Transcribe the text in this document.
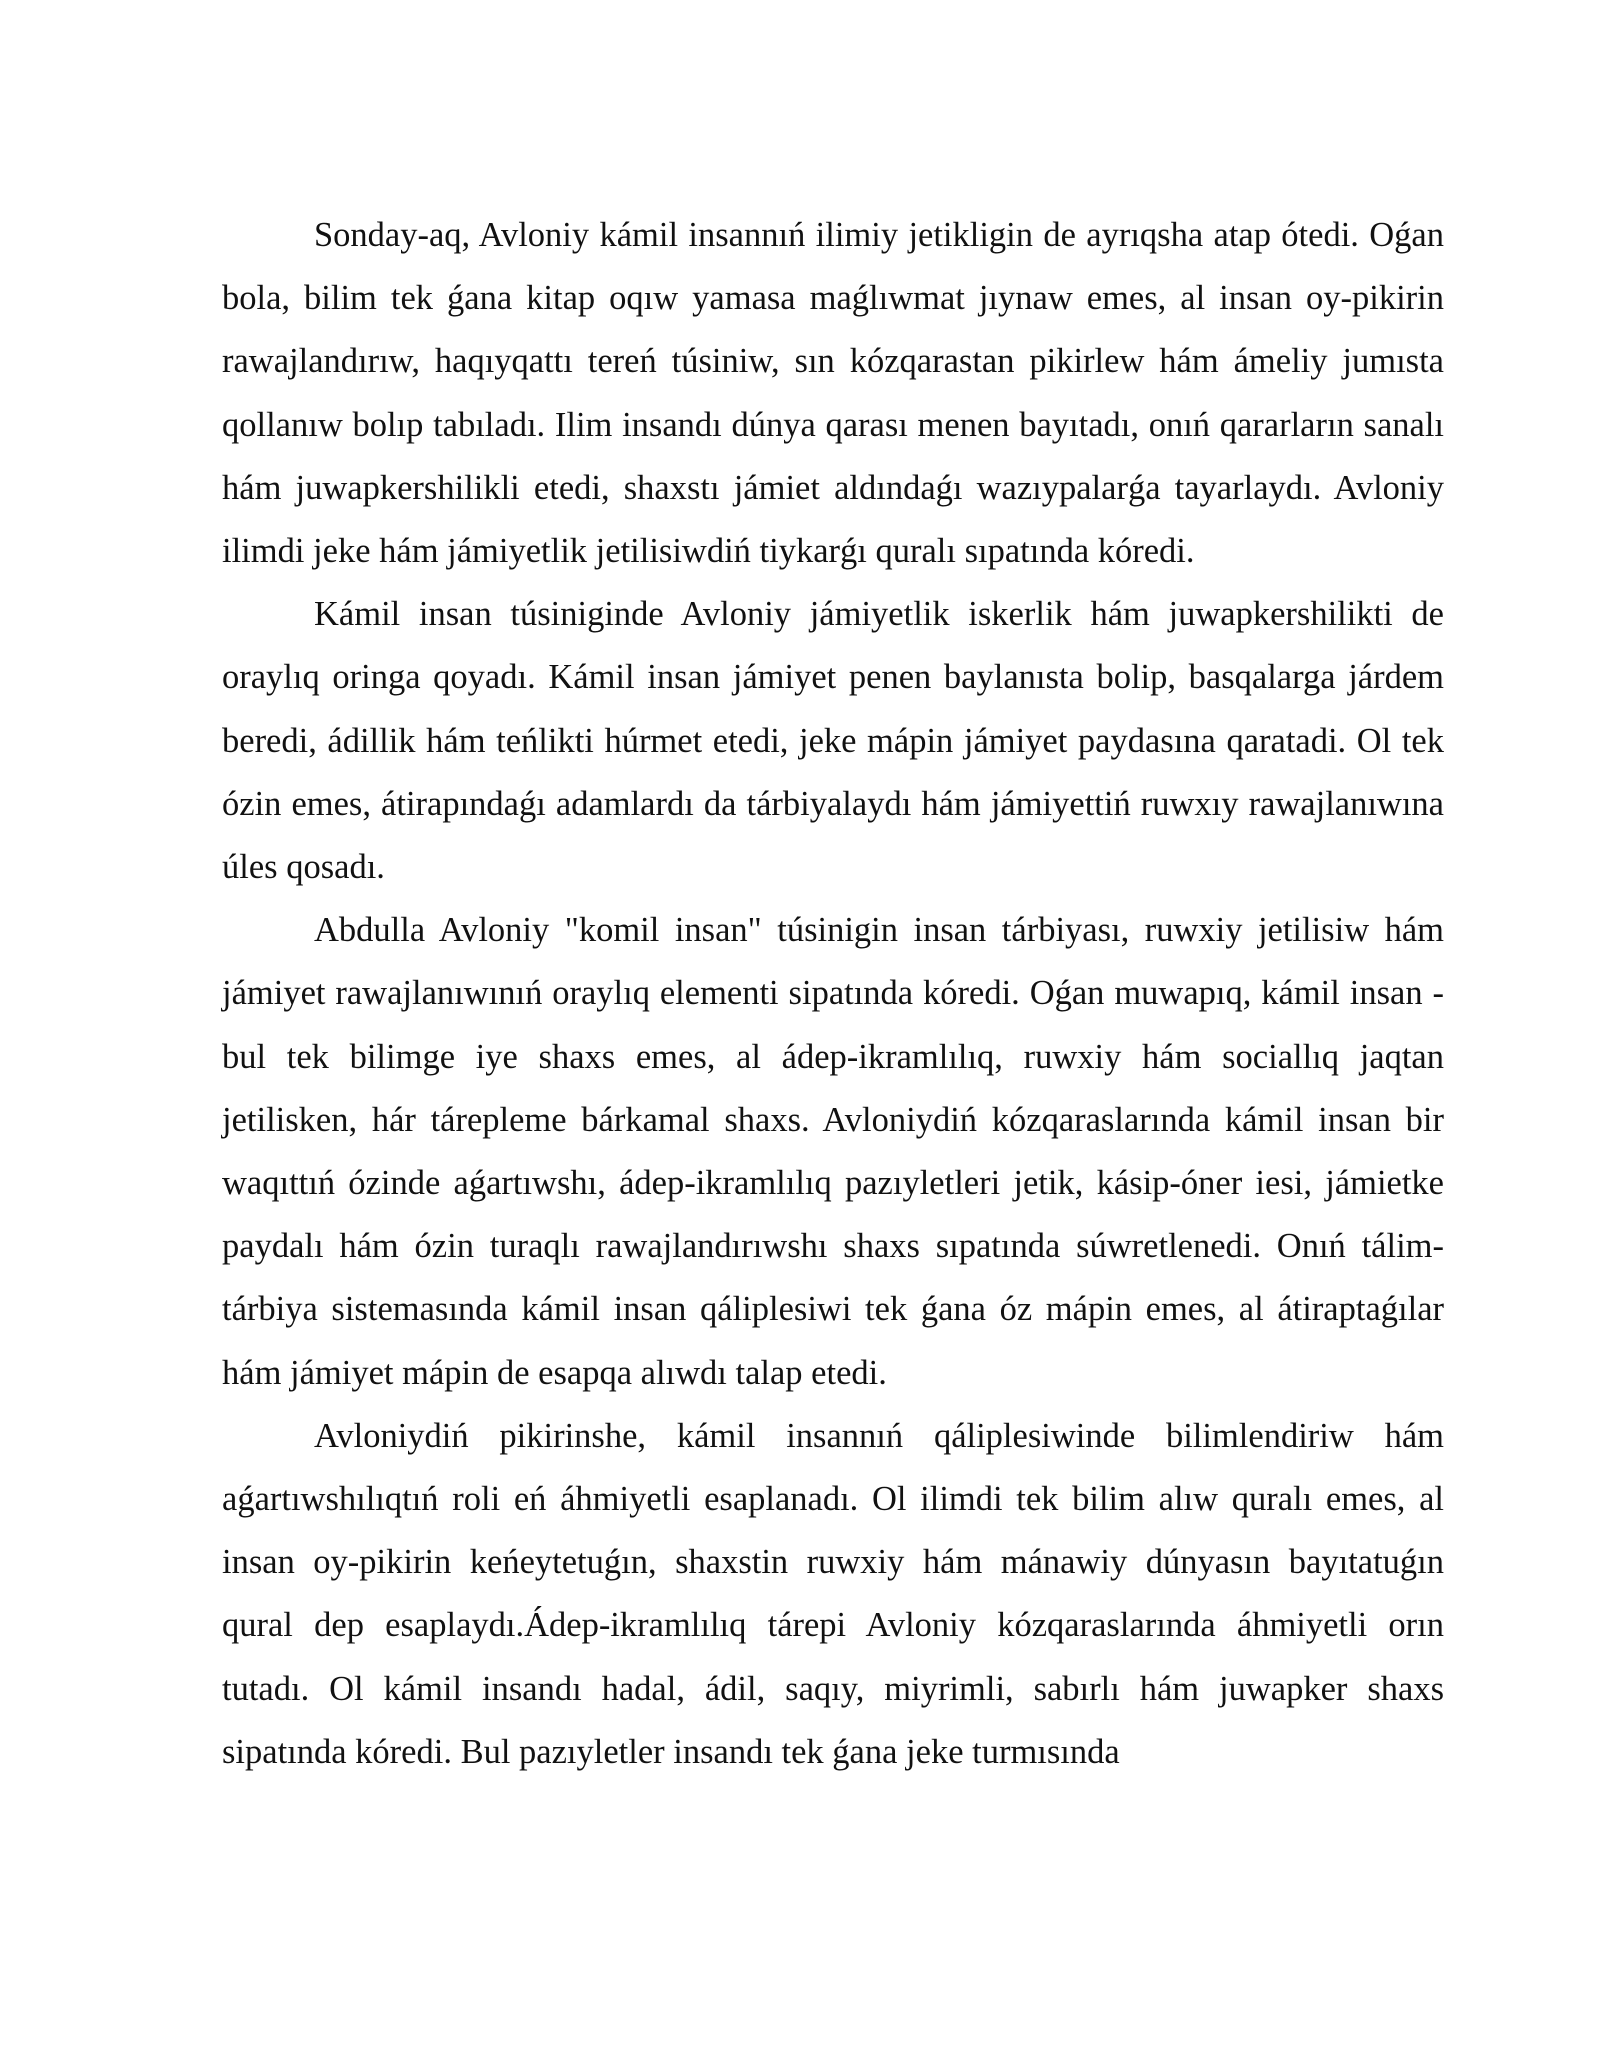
Sonday-aq, Avloniy kámil insannıń ilimiy jetikligin de ayrıqsha atap ótedi. Oǵan bola, bilim tek ǵana kitap oqıw yamasa maǵlıwmat jıynaw emes, al insan oy-pikirin rawajlandırıw, haqıyqattı tereń túsiniw, sın kózqarastan pikirlew hám ámeliy jumısta qollanıw bolıp tabıladı. Ilim insandı dúnya qarası menen bayıtadı, onıń qararların sanalı hám juwapkershilikli etedi, shaxstı jámiet aldındaǵı wazıypalarǵa tayarlaydı. Avloniy ilimdi jeke hám jámiyetlik jetilisiwdiń tiykarǵı quralı sıpatında kóredi.

Kámil insan túsiniginde Avloniy jámiyetlik iskerlik hám juwapkershilikti de oraylıq oringa qoyadı. Kámil insan jámiyet penen baylanısta bolip, basqalarga járdem beredi, ádillik hám teńlikti húrmet etedi, jeke mápin jámiyet paydasına qaratadi. Ol tek ózin emes, átirapındaǵı adamlardı da tárbiyalaydı hám jámiyettiń ruwxıy rawajlanıwına úles qosadı.

Abdulla Avloniy "komil insan" túsinigin insan tárbiyası, ruwxiy jetilisiw hám jámiyet rawajlanıwınıń oraylıq elementi sipatında kóredi. Oǵan muwapıq, kámil insan - bul tek bilimge iye shaxs emes, al ádep-ikramlılıq, ruwxiy hám sociallıq jaqtan jetilisken, hár tárepleme bárkamal shaxs. Avloniydiń kózqaraslarında kámil insan bir waqıttıń ózinde aǵartıwshı, ádep-ikramlılıq pazıyletleri jetik, kásip-óner iesi, jámietke paydalı hám ózin turaqlı rawajlandırıwshı shaxs sıpatında súwretlenedi. Onıń tálim-tárbiya sistemasında kámil insan qáliplesiwi tek ǵana óz mápin emes, al átiraptaǵılar hám jámiyet mápin de esapqa alıwdı talap etedi.

Avloniydiń pikirinshe, kámil insannıń qáliplesiwinde bilimlendiriw hám aǵartıwshılıqtıń roli eń áhmiyetli esaplanadı. Ol ilimdi tek bilim alıw quralı emes, al insan oy-pikirin keńeytetuǵın, shaxstin ruwxiy hám mánawiy dúnyasın bayıtatuǵın qural dep esaplaydı.Ádep-ikramlılıq tárepi Avloniy kózqaraslarında áhmiyetli orın tutadı. Ol kámil insandı hadal, ádil, saqıy, miyrimli, sabırlı hám juwapker shaxs sipatında kóredi. Bul pazıyletler insandı tek ǵana jeke turmısında
